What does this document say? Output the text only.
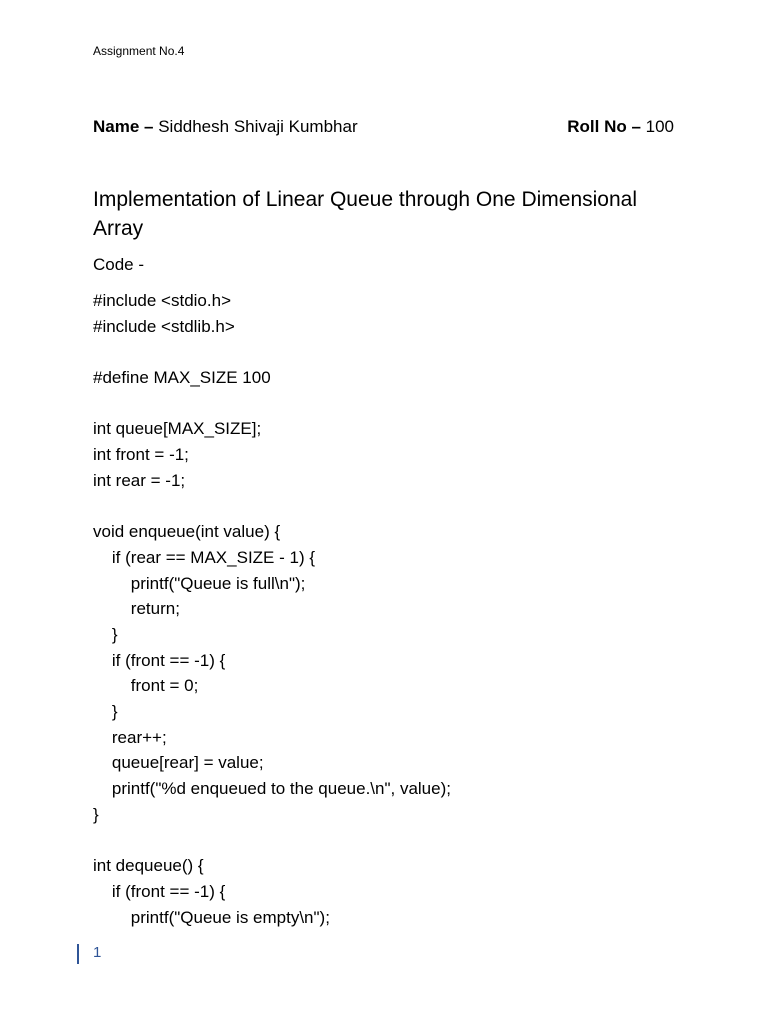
Assignment No.4
Name – Siddhesh Shivaji Kumbhar	Roll No – 100
Implementation of Linear Queue through One Dimensional Array
Code -
#include <stdio.h>
#include <stdlib.h>
#define MAX_SIZE 100
int queue[MAX_SIZE];
int front = -1;
int rear = -1;
void enqueue(int value) {
if (rear == MAX_SIZE - 1) {
printf("Queue is full\n");
return;
}
if (front == -1) {
front = 0;
}
rear++;
queue[rear] = value;
printf("%d enqueued to the queue.\n", value);
}
int dequeue() {
if (front == -1) {
printf("Queue is empty\n");
1
